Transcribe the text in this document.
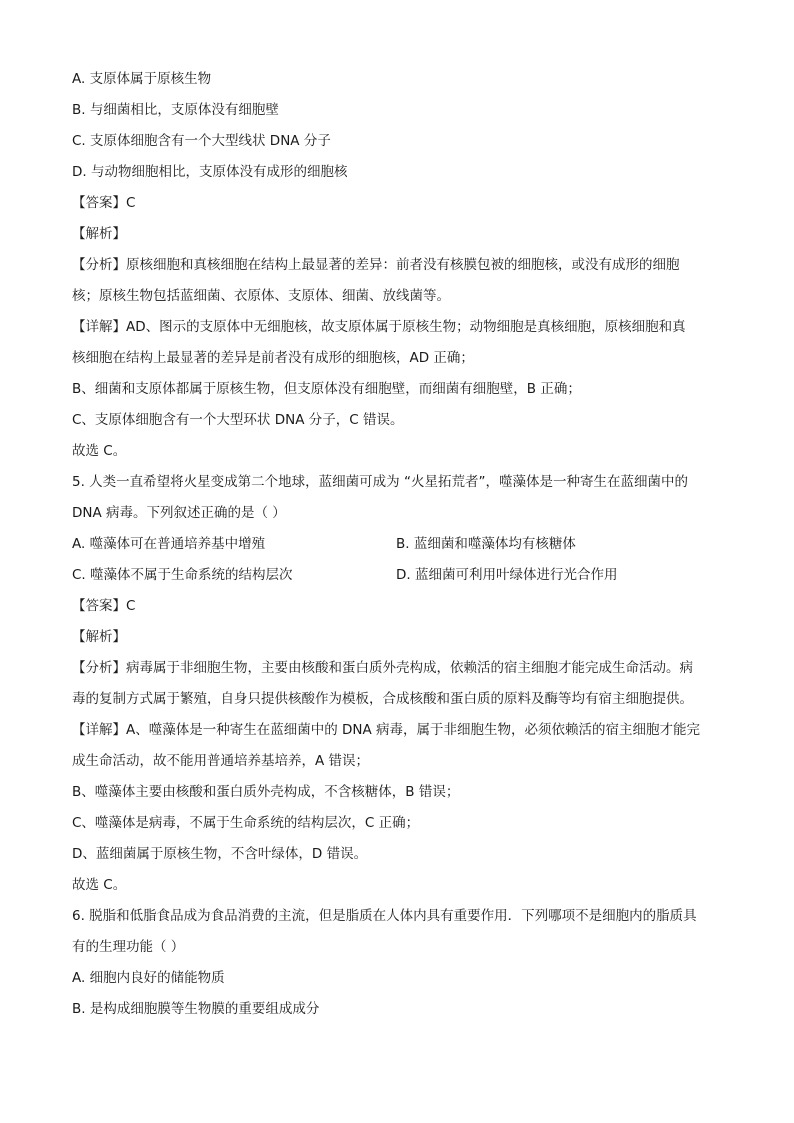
A. 支原体属于原核生物
B. 与细菌相比，支原体没有细胞壁
C. 支原体细胞含有一个大型线状 DNA 分子
D. 与动物细胞相比，支原体没有成形的细胞核
【答案】C
【解析】
【分析】原核细胞和真核细胞在结构上最显著的差异：前者没有核膜包被的细胞核，或没有成形的细胞
核；原核生物包括蓝细菌、衣原体、支原体、细菌、放线菌等。
【详解】AD、图示的支原体中无细胞核，故支原体属于原核生物；动物细胞是真核细胞，原核细胞和真
核细胞在结构上最显著的差异是前者没有成形的细胞核，AD 正确；
B、细菌和支原体都属于原核生物，但支原体没有细胞壁，而细菌有细胞壁，B 正确；
C、支原体细胞含有一个大型环状 DNA 分子，C 错误。
故选 C。
5. 人类一直希望将火星变成第二个地球，蓝细菌可成为 “火星拓荒者”，噬藻体是一种寄生在蓝细菌中的
DNA 病毒。下列叙述正确的是（ ）
A. 噬藻体可在普通培养基中增殖	B. 蓝细菌和噬藻体均有核糖体
C. 噬藻体不属于生命系统的结构层次	D. 蓝细菌可利用叶绿体进行光合作用
【答案】C
【解析】
【分析】病毒属于非细胞生物，主要由核酸和蛋白质外壳构成，依赖活的宿主细胞才能完成生命活动。病
毒的复制方式属于繁殖，自身只提供核酸作为模板，合成核酸和蛋白质的原料及酶等均有宿主细胞提供。
【详解】A、噬藻体是一种寄生在蓝细菌中的 DNA 病毒，属于非细胞生物，必须依赖活的宿主细胞才能完
成生命活动，故不能用普通培养基培养，A 错误；
B、噬藻体主要由核酸和蛋白质外壳构成，不含核糖体，B 错误；
C、噬藻体是病毒，不属于生命系统的结构层次，C 正确；
D、蓝细菌属于原核生物，不含叶绿体，D 错误。
故选 C。
6. 脱脂和低脂食品成为食品消费的主流，但是脂质在人体内具有重要作用．下列哪项不是细胞内的脂质具
有的生理功能（ ）
A. 细胞内良好的储能物质
B. 是构成细胞膜等生物膜的重要组成成分
